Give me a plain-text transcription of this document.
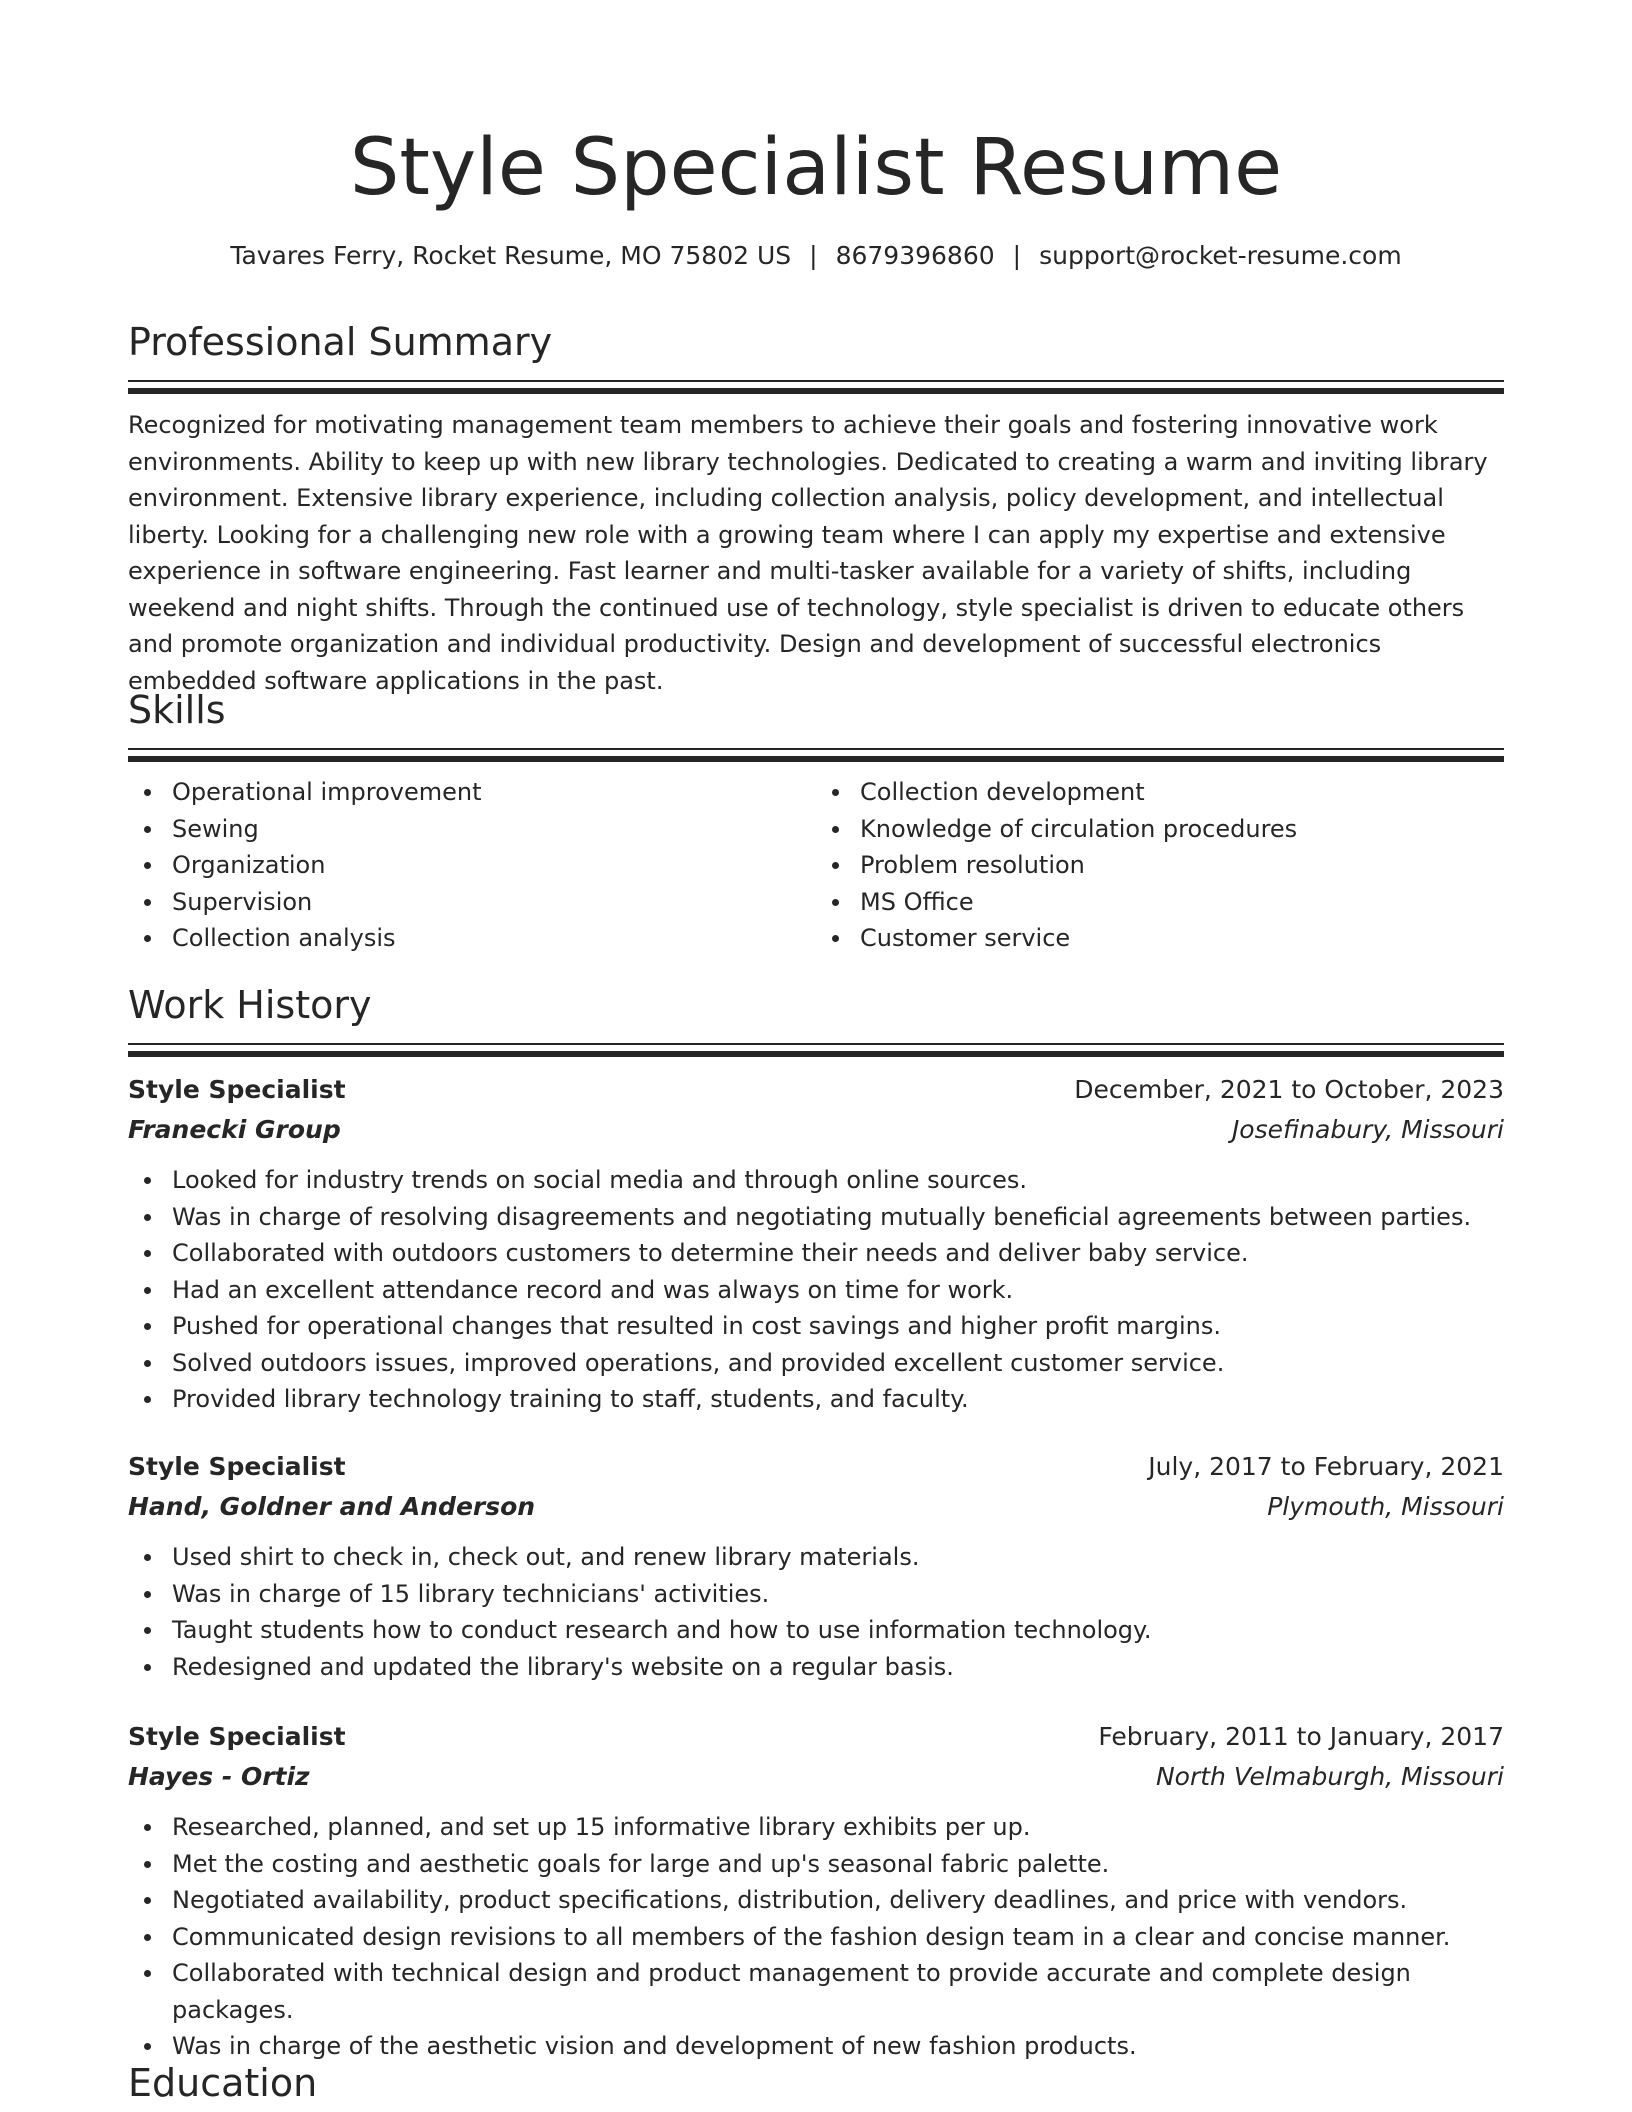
Style Specialist Resume
Tavares Ferry, Rocket Resume, MO 75802 US | 8679396860 | support@rocket-resume.com
Professional Summary

Recognized for motivating management team members to achieve their goals and fostering innovative work environments. Ability to keep up with new library technologies. Dedicated to creating a warm and inviting library environment. Extensive library experience, including collection analysis, policy development, and intellectual liberty. Looking for a challenging new role with a growing team where I can apply my expertise and extensive experience in software engineering. Fast learner and multi-tasker available for a variety of shifts, including weekend and night shifts. Through the continued use of technology, style specialist is driven to educate others and promote organization and individual productivity. Design and development of successful electronics embedded software applications in the past.

Skills
Operational improvement
Sewing
Organization
Supervision
Collection analysis
Collection development
Knowledge of circulation procedures
Problem resolution
MS Office
Customer service
Work History
Style Specialist	December, 2021 to October, 2023
Franecki Group	Josefinabury, Missouri
Looked for industry trends on social media and through online sources.
Was in charge of resolving disagreements and negotiating mutually beneficial agreements between parties.
Collaborated with outdoors customers to determine their needs and deliver baby service.
Had an excellent attendance record and was always on time for work.
Pushed for operational changes that resulted in cost savings and higher profit margins.
Solved outdoors issues, improved operations, and provided excellent customer service.
Provided library technology training to staff, students, and faculty.
Style Specialist	July, 2017 to February, 2021
Hand, Goldner and Anderson	Plymouth, Missouri
Used shirt to check in, check out, and renew library materials.
Was in charge of 15 library technicians' activities.
Taught students how to conduct research and how to use information technology.
Redesigned and updated the library's website on a regular basis.
Style Specialist	February, 2011 to January, 2017
Hayes - Ortiz	North Velmaburgh, Missouri
Researched, planned, and set up 15 informative library exhibits per up.
Met the costing and aesthetic goals for large and up's seasonal fabric palette.
Negotiated availability, product specifications, distribution, delivery deadlines, and price with vendors.
Communicated design revisions to all members of the fashion design team in a clear and concise manner.
Collaborated with technical design and product management to provide accurate and complete design packages.
Was in charge of the aesthetic vision and development of new fashion products.
Education
